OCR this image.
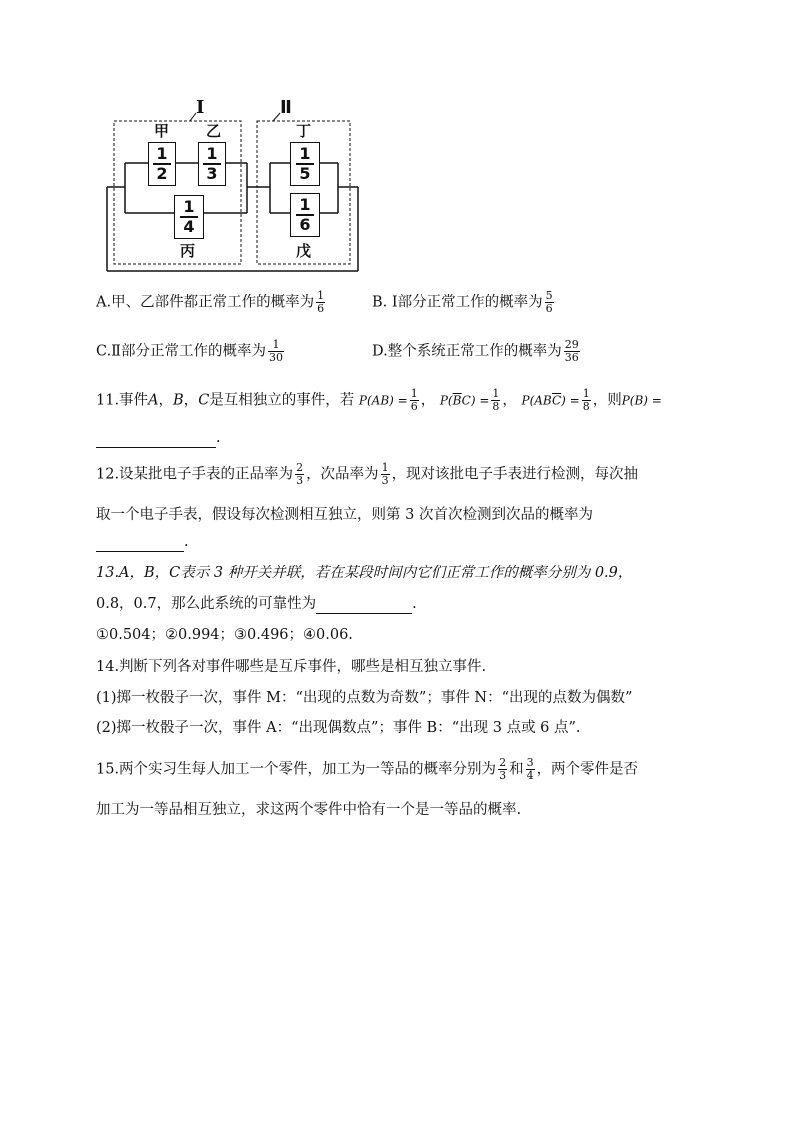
I	Ⅱ
甲 乙	丁
丙	戊
$\frac{1}{2} \frac{1}{3}$
$\frac{1}{4}$
$\frac{1}{5}$
$\frac{1}{6}$
A.甲、乙部件都正常工作的概率为 $\frac{1}{6}$	B. Ⅰ部分正常工作的概率为 $\frac{5}{6}$
C.Ⅱ部分正常工作的概率为 $\frac{1}{30}$	D.整个系统正常工作的概率为 $\frac{29}{36}$
11.事件A，B，C是互相独立的事件，若 $P(AB) = \frac{1}{6}$ ， $P(\overline{B}C) = \frac{1}{8}$ ， $P(AB\overline{C}) = \frac{1}{8}$ ，则P(B) =
.
12.设某批电子手表的正品率为 $\frac{2}{3}$ ，次品率为 $\frac{1}{3}$ ，现对该批电子手表进行检测，每次抽
取一个电子手表，假设每次检测相互独立，则第 3 次首次检测到次品的概率为
.
13.A，B，C表示 3 种开关并联，若在某段时间内它们正常工作的概率分别为 0.9，
0.8，0.7，那么此系统的可靠性为	.
①0.504；②0.994；③0.496；④0.06.
14.判断下列各对事件哪些是互斥事件，哪些是相互独立事件.
(1)掷一枚骰子一次，事件 M：“出现的点数为奇数”；事件 N：“出现的点数为偶数”
(2)掷一枚骰子一次，事件 A：“出现偶数点”；事件 B：“出现 3 点或 6 点”.
15.两个实习生每人加工一个零件，加工为一等品的概率分别为 $\frac{2}{3}$ 和 $\frac{3}{4}$ ，两个零件是否
加工为一等品相互独立，求这两个零件中恰有一个是一等品的概率.
